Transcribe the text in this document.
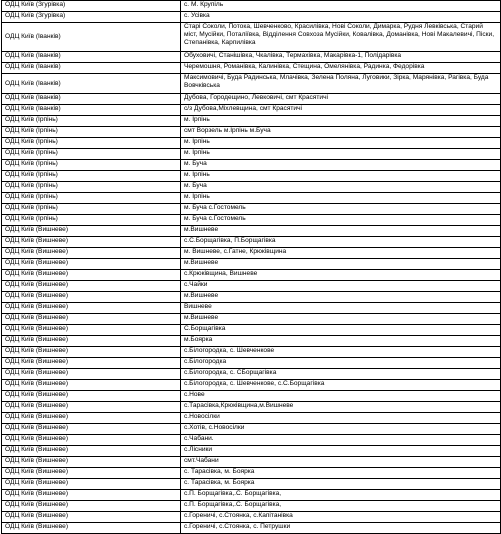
ОДЦ Київ (Згурівка)	с. М. Крупіль
ОДЦ Київ (Згурівка)	с. Усівка
ОДЦ Київ (Іванків)	Старі Соколи, Потока, Шевченково, Красилівка, Нові Соколи, Димарка, Рудня Левківська, Старий міст, Мусійки, Поталіївка, Відділення Совхоза Мусійки, Ковалівка, Доманівка, Нові Макалевичі, Піски, Степанівка, Карпилівка
ОДЦ Київ (Іванків)	Обуховичі, Станішівка, Чкалівка, Термахівка, Макарівка-1, Полідарівка
ОДЦ Київ (Іванків)	Черемошня, Романівка, Калинівка, Стещина, Омелянівка, Радинка, Федорівка
ОДЦ Київ (Іванків)	Максимовичі, Буда Радинська, Млачівка, Зелена Поляна, Луговики, Зірка, Марянівка, Рагівка, Буда Вовчківська
ОДЦ Київ (Іванків)	Дубова, Городещино, Левковичі, смт Красятичі
ОДЦ Київ (Іванків)	с/з Дубова,Міхлевщина, смт Красятичі
ОДЦ Київ (Ірпінь)	м. Ірпінь
ОДЦ Київ (Ірпінь)	смт Ворзель м.Ірпінь м.Буча
ОДЦ Київ (Ірпінь)	м. Ірпінь
ОДЦ Київ (Ірпінь)	м. Ірпінь
ОДЦ Київ (Ірпінь)	м. Буча
ОДЦ Київ (Ірпінь)	м. Ірпінь
ОДЦ Київ (Ірпінь)	м. Буча
ОДЦ Київ (Ірпінь)	м. Ірпінь
ОДЦ Київ (Ірпінь)	м. Буча с.Гостомель
ОДЦ Київ (Ірпінь)	м. Буча с.Гостомель
ОДЦ Київ (Вишневе)	м.Вишневе
ОДЦ Київ (Вишневе)	с.С.Борщагівка, П.Борщагівка
ОДЦ Київ (Вишневе)	м. Вишневе, с.Гатне, Крюківщина
ОДЦ Київ (Вишневе)	м.Вишневе
ОДЦ Київ (Вишневе)	с.Крюківщина, Вишневе
ОДЦ Київ (Вишневе)	с.Чайки
ОДЦ Київ (Вишневе)	м.Вишневе
ОДЦ Київ (Вишневе)	Вишневе
ОДЦ Київ (Вишневе)	м.Вишневе
ОДЦ Київ (Вишневе)	С.Борщагівка
ОДЦ Київ (Вишневе)	м.Боярка
ОДЦ Київ (Вишневе)	с.Білогородка, с. Шевченкове
ОДЦ Київ (Вишневе)	с.Білогородка
ОДЦ Київ (Вишневе)	с.Білогородка, с. СБорщагівка
ОДЦ Київ (Вишневе)	с.Білогородка, с. Шевченкове, с.С.Борщагівка
ОДЦ Київ (Вишневе)	с.Нове
ОДЦ Київ (Вишневе)	с.Тарасівка,Крюківщина,м.Вишневе
ОДЦ Київ (Вишневе)	с.Новосілки
ОДЦ Київ (Вишневе)	с.Хотів, с.Новосілки
ОДЦ Київ (Вишневе)	с.Чабани.
ОДЦ Київ (Вишневе)	с.Лісники
ОДЦ Київ (Вишневе)	смт.Чабани
ОДЦ Київ (Вишневе)	с. Тарасівка, м. Боярка
ОДЦ Київ (Вишневе)	с. Тарасівка, м. Боярка
ОДЦ Київ (Вишневе)	с.П. Борщагівка,.С. Борщагівка,
ОДЦ Київ (Вишневе)	с.П. Борщагівка,.С. Борщагівка,
ОДЦ Київ (Вишневе)	с.Гореничі, с.Стоянка, с.Капітанівка
ОДЦ Київ (Вишневе)	с.Гореничі, с.Стоянка, с. Петрушки
